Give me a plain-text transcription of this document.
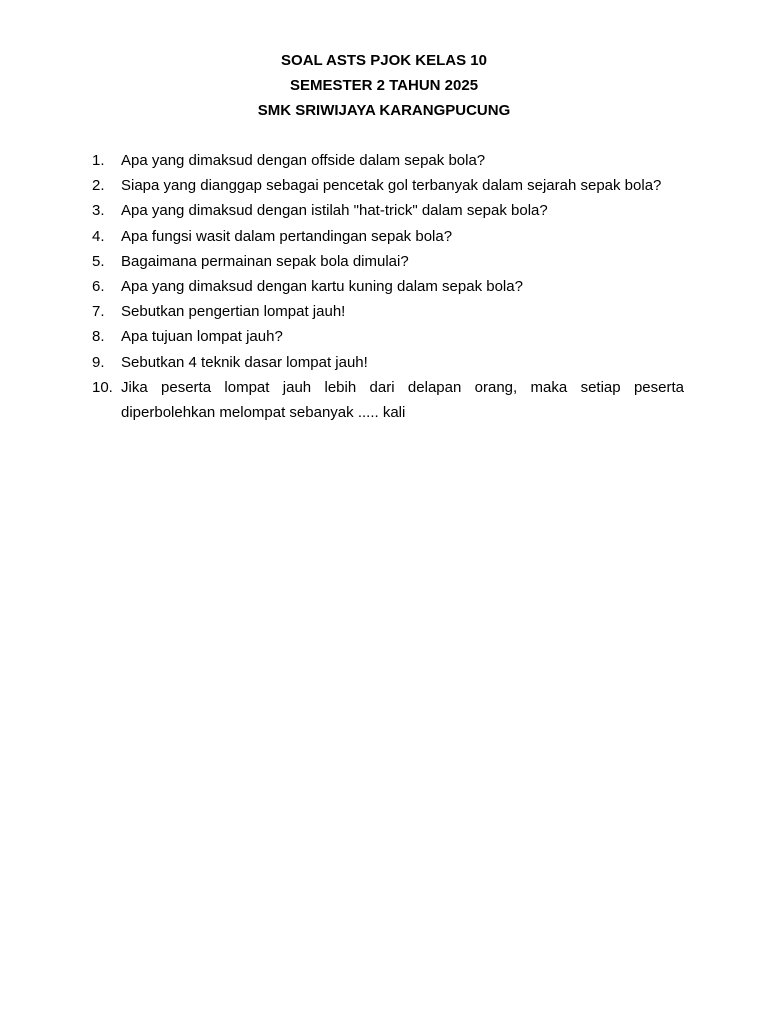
SOAL ASTS PJOK KELAS 10
SEMESTER 2 TAHUN 2025
SMK SRIWIJAYA KARANGPUCUNG
1.	Apa yang dimaksud dengan offside dalam sepak bola?
2.	Siapa yang dianggap sebagai pencetak gol terbanyak dalam sejarah sepak bola?
3.	Apa yang dimaksud dengan istilah "hat-trick" dalam sepak bola?
4.	Apa fungsi wasit dalam pertandingan sepak bola?
5.	Bagaimana permainan sepak bola dimulai?
6.	Apa yang dimaksud dengan kartu kuning dalam sepak bola?
7.	Sebutkan pengertian lompat jauh!
8.	Apa tujuan lompat jauh?
9.	Sebutkan 4 teknik dasar lompat jauh!
10. Jika peserta lompat jauh lebih dari delapan orang, maka setiap peserta diperbolehkan melompat sebanyak ..... kali
